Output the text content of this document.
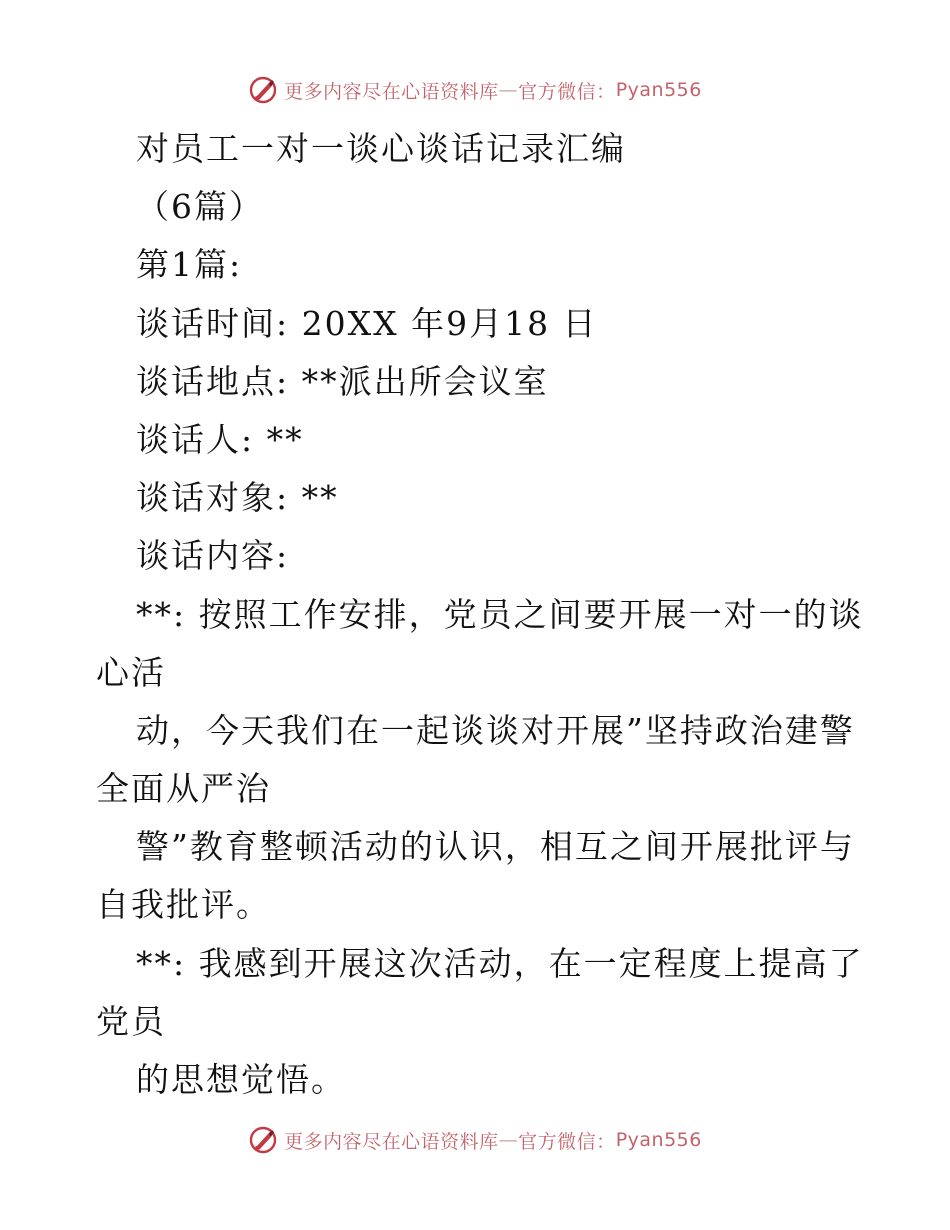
更多内容尽在心语资料库 — 官方微信： Pyan556
对员工一对一谈心谈话记录汇编
（6篇）
第1篇:
谈话时间: 20XX 年9月18 日
谈话地点: **派出所会议室
谈话人: **
谈话对象: **
谈话内容:
**: 按照工作安排，党员之间要开展一对一的谈
心活
动，今天我们在一起谈谈对开展”坚持政治建警
全面从严治
警”教育整顿活动的认识，相互之间开展批评与
自我批评。
**: 我感到开展这次活动，在一定程度上提高了
党员
的思想觉悟。
更多内容尽在心语资料库 — 官方微信： Pyan556
